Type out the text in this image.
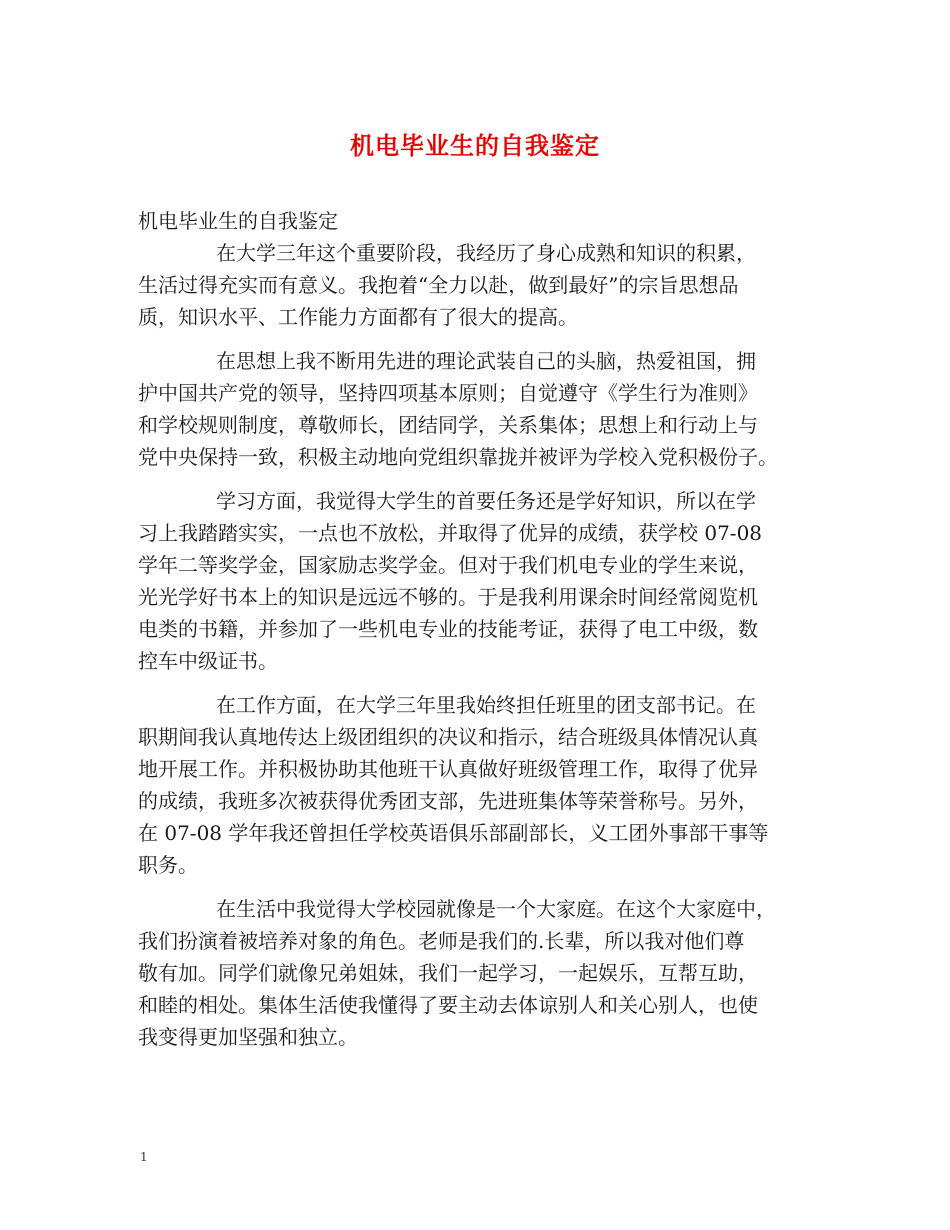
机电毕业生的自我鉴定

机电毕业生的自我鉴定

在大学三年这个重要阶段，我经历了身心成熟和知识的积累，
生活过得充实而有意义。我抱着“全力以赴，做到最好”的宗旨思想品
质，知识水平、工作能力方面都有了很大的提高。
在思想上我不断用先进的理论武装自己的头脑，热爱祖国，拥
护中国共产党的领导，坚持四项基本原则；自觉遵守《学生行为准则》
和学校规则制度，尊敬师长，团结同学，关系集体；思想上和行动上与
党中央保持一致，积极主动地向党组织靠拢并被评为学校入党积极份子。
学习方面，我觉得大学生的首要任务还是学好知识，所以在学
习上我踏踏实实，一点也不放松，并取得了优异的成绩，获学校 07-08
学年二等奖学金，国家励志奖学金。但对于我们机电专业的学生来说，
光光学好书本上的知识是远远不够的。于是我利用课余时间经常阅览机
电类的书籍，并参加了一些机电专业的技能考证，获得了电工中级，数
控车中级证书。
在工作方面，在大学三年里我始终担任班里的团支部书记。在
职期间我认真地传达上级团组织的决议和指示，结合班级具体情况认真
地开展工作。并积极协助其他班干认真做好班级管理工作，取得了优异
的成绩，我班多次被获得优秀团支部，先进班集体等荣誉称号。另外，
在 07-08 学年我还曾担任学校英语俱乐部副部长，义工团外事部干事等
职务。
在生活中我觉得大学校园就像是一个大家庭。在这个大家庭中，
我们扮演着被培养对象的角色。老师是我们的.长辈，所以我对他们尊
敬有加。同学们就像兄弟姐妹，我们一起学习，一起娱乐，互帮互助，
和睦的相处。集体生活使我懂得了要主动去体谅别人和关心别人，也使
我变得更加坚强和独立。
1
